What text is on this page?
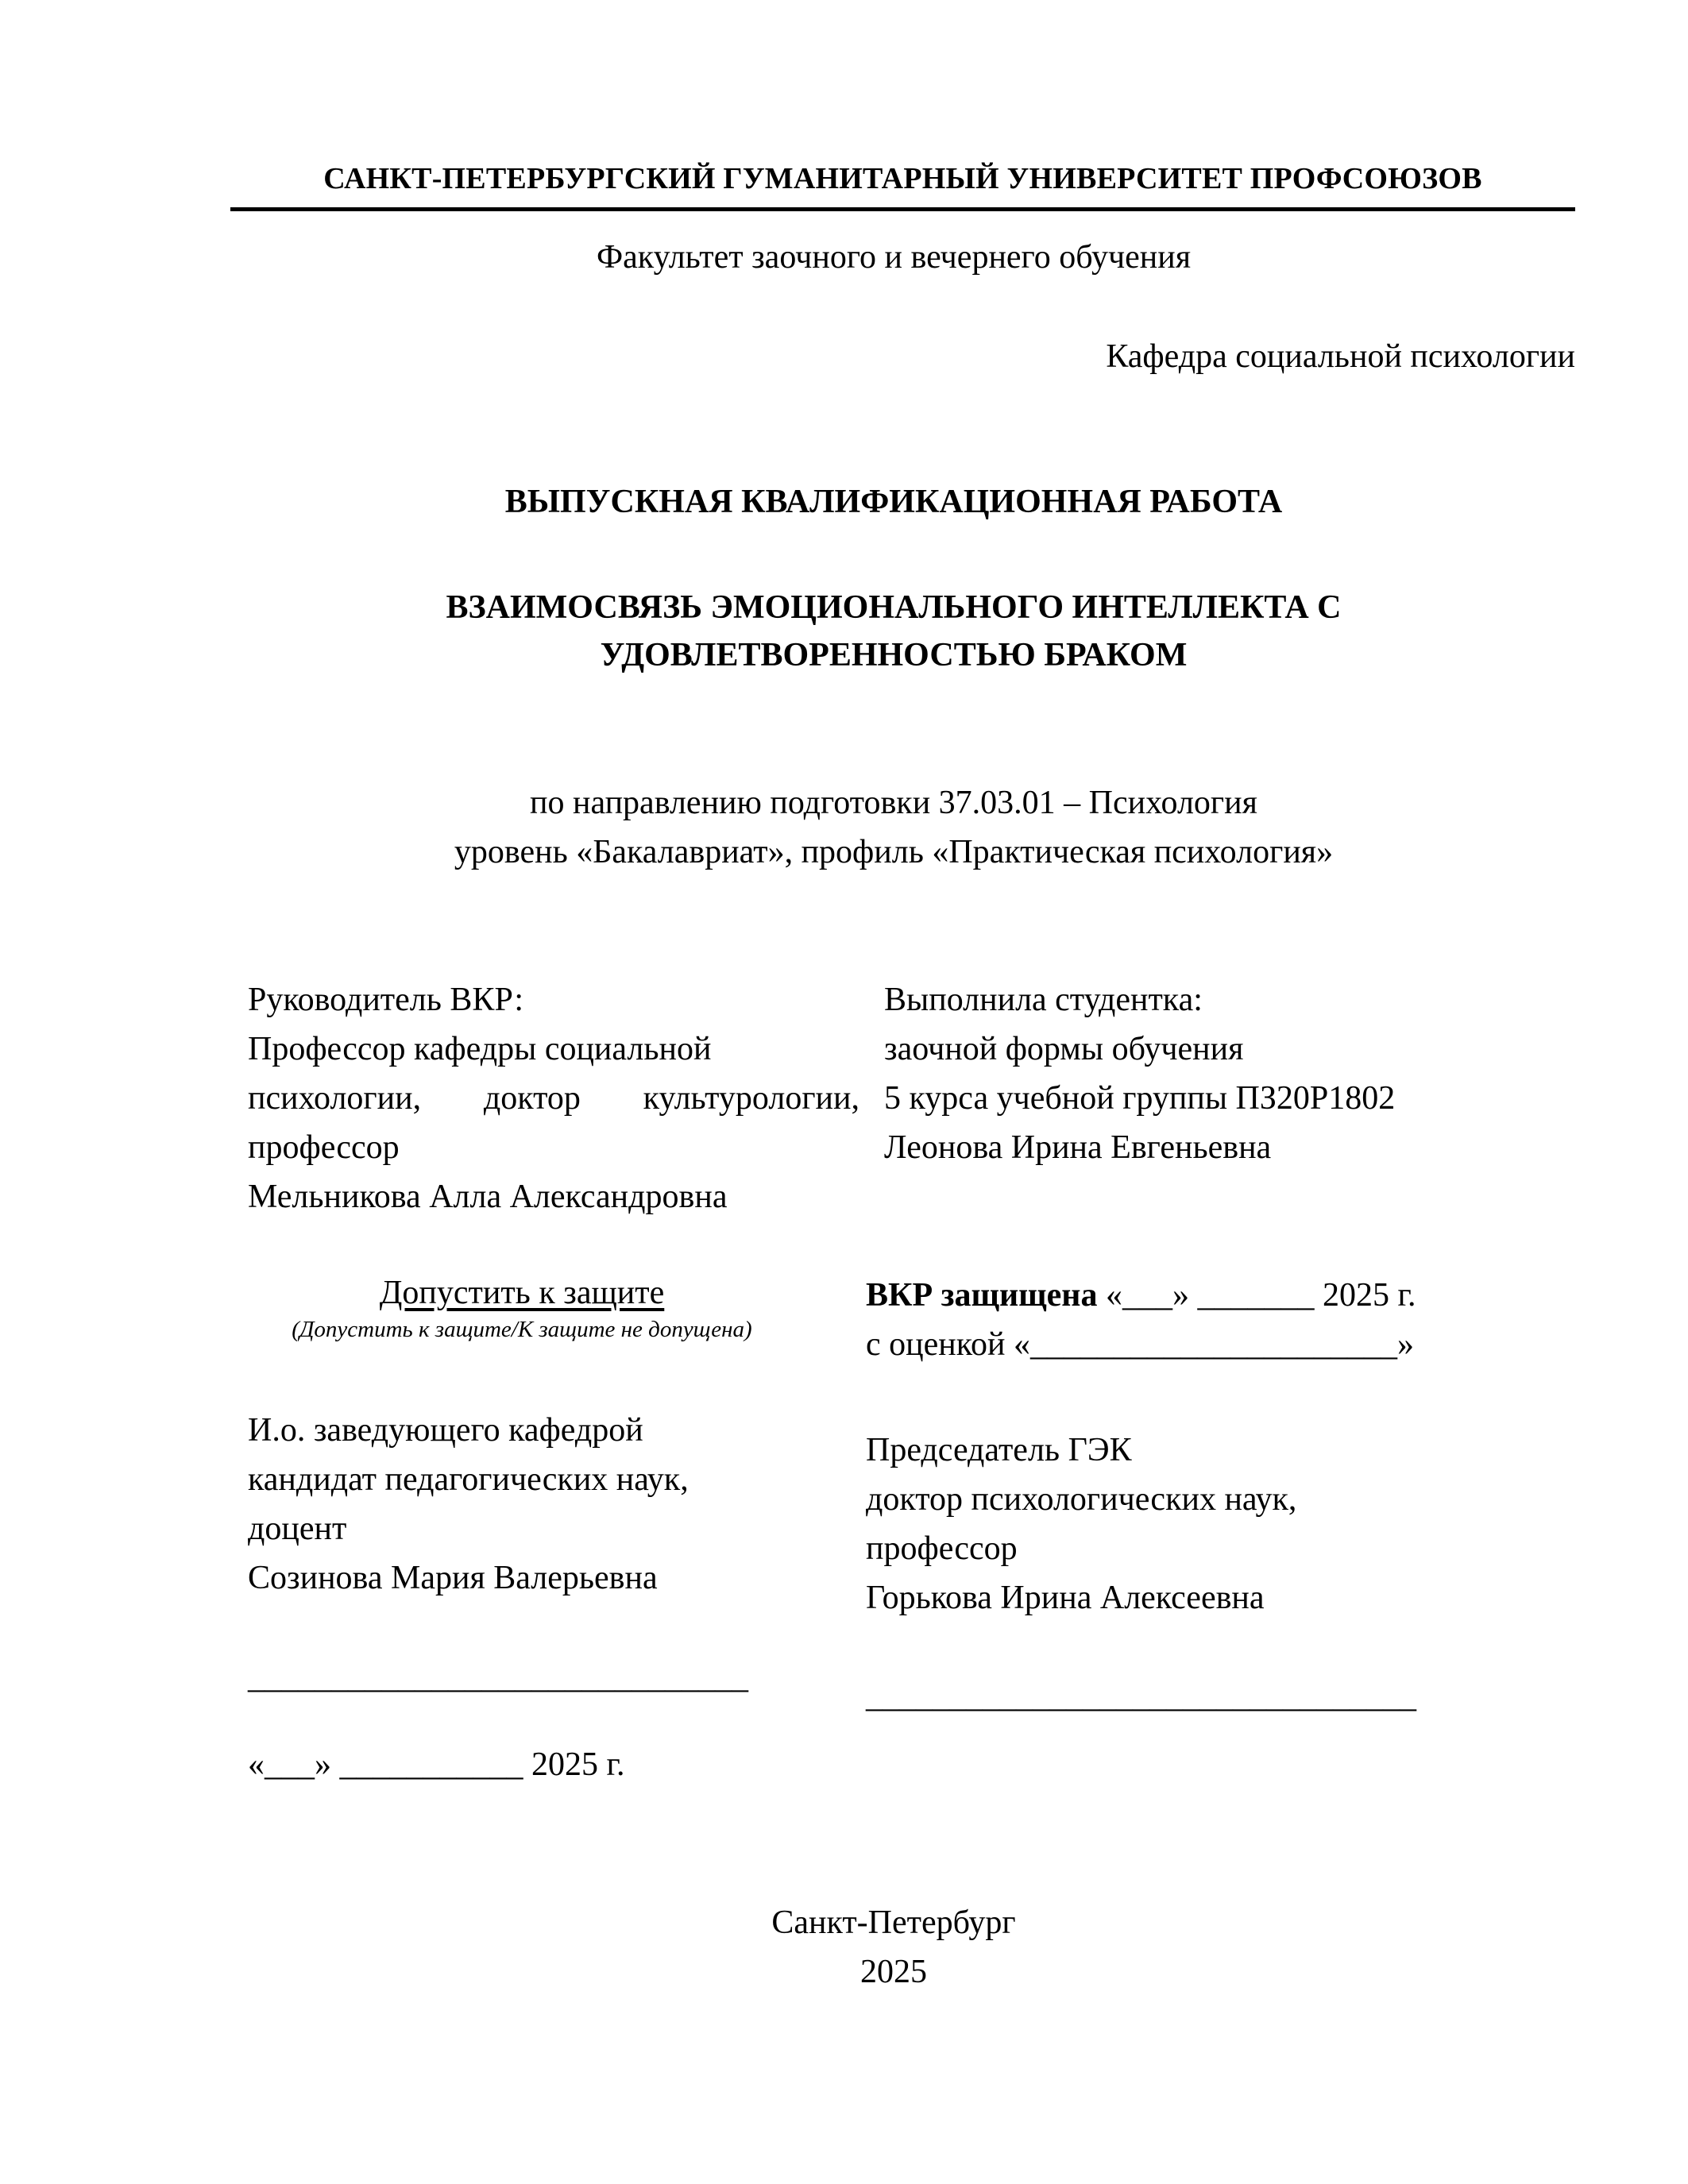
САНКТ-ПЕТЕРБУРГСКИЙ ГУМАНИТАРНЫЙ УНИВЕРСИТЕТ ПРОФСОЮЗОВ
Факультет заочного и вечернего обучения
Кафедра социальной психологии
ВЫПУСКНАЯ КВАЛИФИКАЦИОННАЯ РАБОТА
ВЗАИМОСВЯЗЬ ЭМОЦИОНАЛЬНОГО ИНТЕЛЛЕКТА С
УДОВЛЕТВОРЕННОСТЬЮ БРАКОМ
по направлению подготовки 37.03.01 – Психология
уровень «Бакалавриат», профиль «Практическая психология»
Руководитель ВКР:
Профессор кафедры социальной
психологии,  доктор  культурологии,
профессор
Мельникова Алла Александровна
Выполнила студентка:
заочной формы обучения
5 курса учебной группы ПЗ20Р1802
Леонова Ирина Евгеньевна
Допустить к защите
(Допустить к защите/К защите не допущена)
ВКР защищена «___» _______ 2025 г.
с оценкой «______________________»
И.о. заведующего кафедрой
кандидат педагогических наук,
доцент
Созинова Мария Валерьевна
Председатель ГЭК
доктор психологических наук,
профессор
Горькова Ирина Алексеевна
______________________________
_________________________________
«___» ___________ 2025 г.
Санкт-Петербург
2025
